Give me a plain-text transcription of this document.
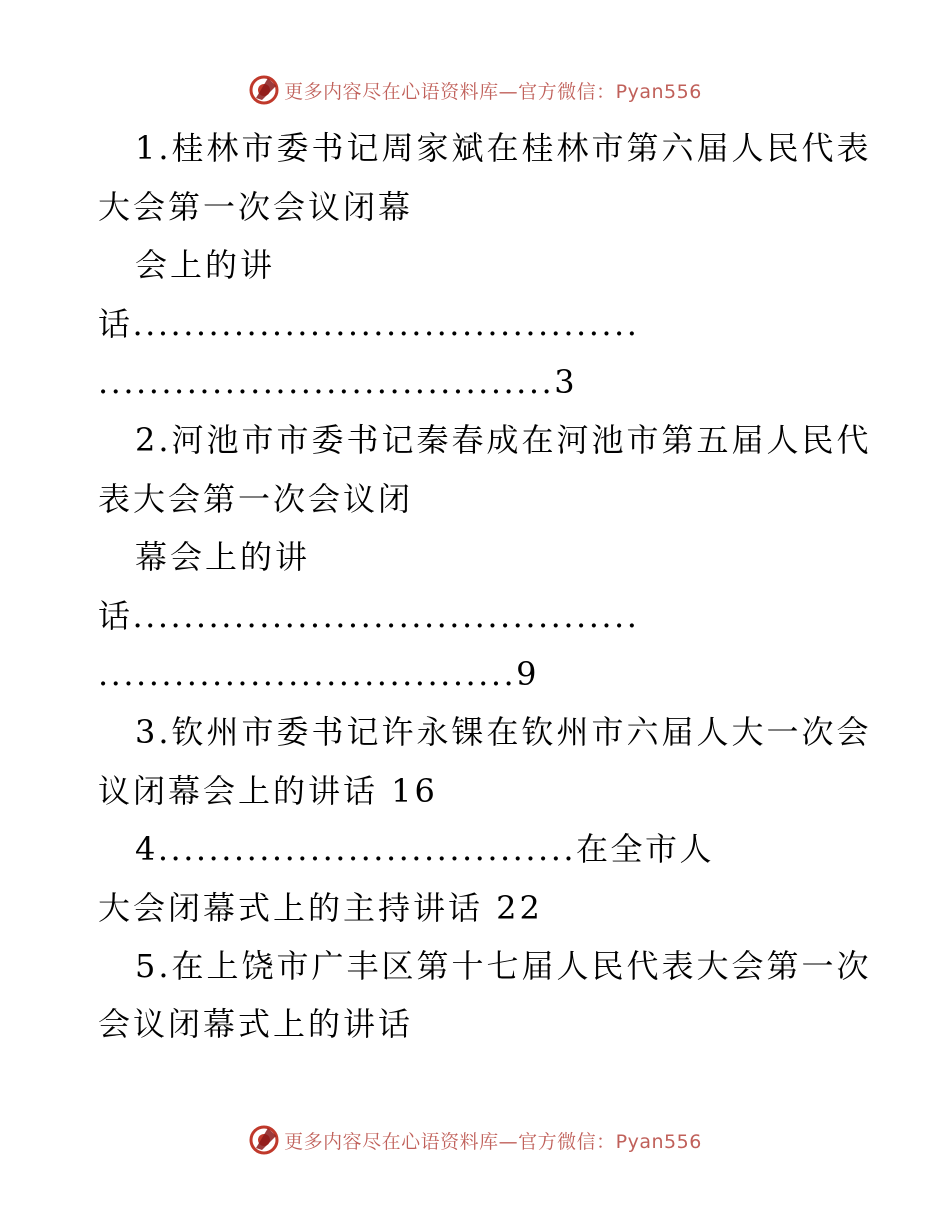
更多内容尽在心语资料库—官方微信：Pyan556
1.桂林市委书记周家斌在桂林市第六届人民代表
大会第一次会议闭幕
会上的讲
话........................................
....................................3
2.河池市市委书记秦春成在河池市第五届人民代
表大会第一次会议闭
幕会上的讲
话........................................
.................................9
3.钦州市委书记许永锞在钦州市六届人大一次会
议闭幕会上的讲话 16
4.................................在全市人
大会闭幕式上的主持讲话 22
5.在上饶市广丰区第十七届人民代表大会第一次
会议闭幕式上的讲话
更多内容尽在心语资料库—官方微信：Pyan556
